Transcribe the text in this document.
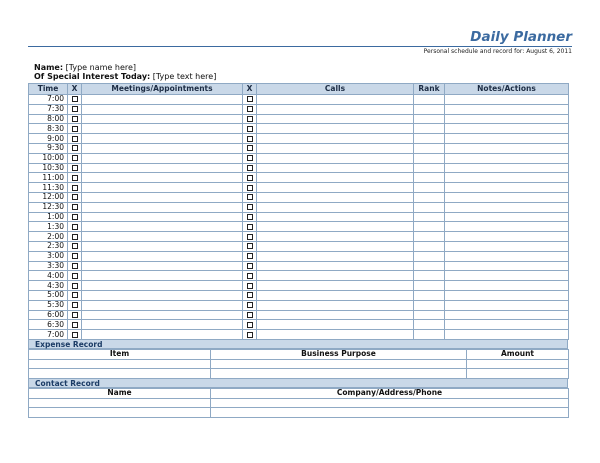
Daily Planner
Personal schedule and record for: August 6, 2011
Name: [Type name here]
Of Special Interest Today: [Type text here]
Time	X	Meetings/Appointments	X	Calls	Rank	Notes/Actions
7:00						
7:30						
8:00						
8:30						
9:00						
9:30						
10:00						
10:30						
11:00						
11:30						
12:00						
12:30						
1:00						
1:30						
2:00						
2:30						
3:00						
3:30						
4:00						
4:30						
5:00						
5:30						
6:00						
6:30						
7:00						
Expense Record
Item	Business Purpose	Amount

Contact Record
Name	Company/Address/Phone
